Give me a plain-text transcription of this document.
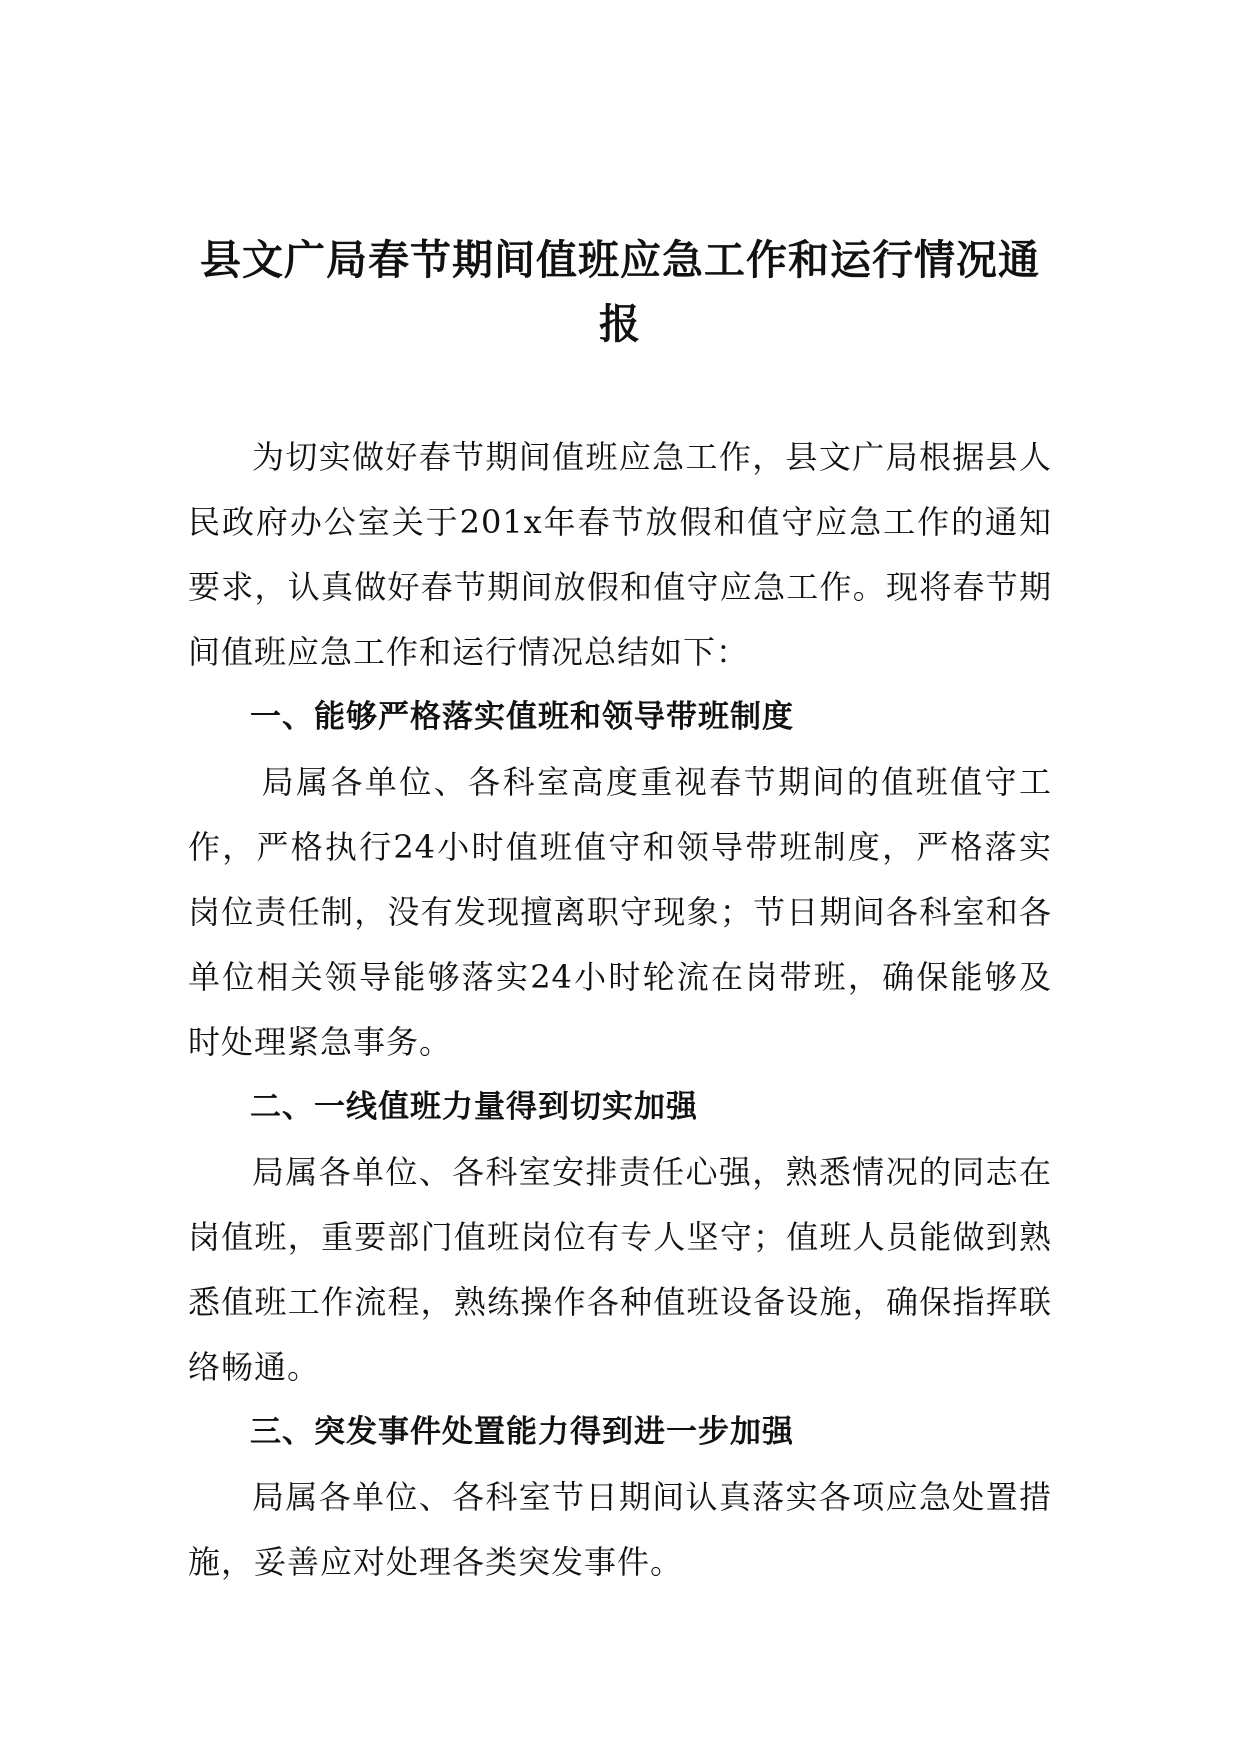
县文广局春节期间值班应急工作和运行情况通报

为切实做好春节期间值班应急工作，县文广局根据县人民政府办公室关于201x年春节放假和值守应急工作的通知要求，认真做好春节期间放假和值守应急工作。现将春节期间值班应急工作和运行情况总结如下：

一、能够严格落实值班和领导带班制度

局属各单位、各科室高度重视春节期间的值班值守工作，严格执行24小时值班值守和领导带班制度，严格落实岗位责任制，没有发现擅离职守现象；节日期间各科室和各单位相关领导能够落实24小时轮流在岗带班，确保能够及时处理紧急事务。

二、一线值班力量得到切实加强

局属各单位、各科室安排责任心强，熟悉情况的同志在岗值班，重要部门值班岗位有专人坚守；值班人员能做到熟悉值班工作流程，熟练操作各种值班设备设施，确保指挥联络畅通。

三、突发事件处置能力得到进一步加强

局属各单位、各科室节日期间认真落实各项应急处置措施，妥善应对处理各类突发事件。
